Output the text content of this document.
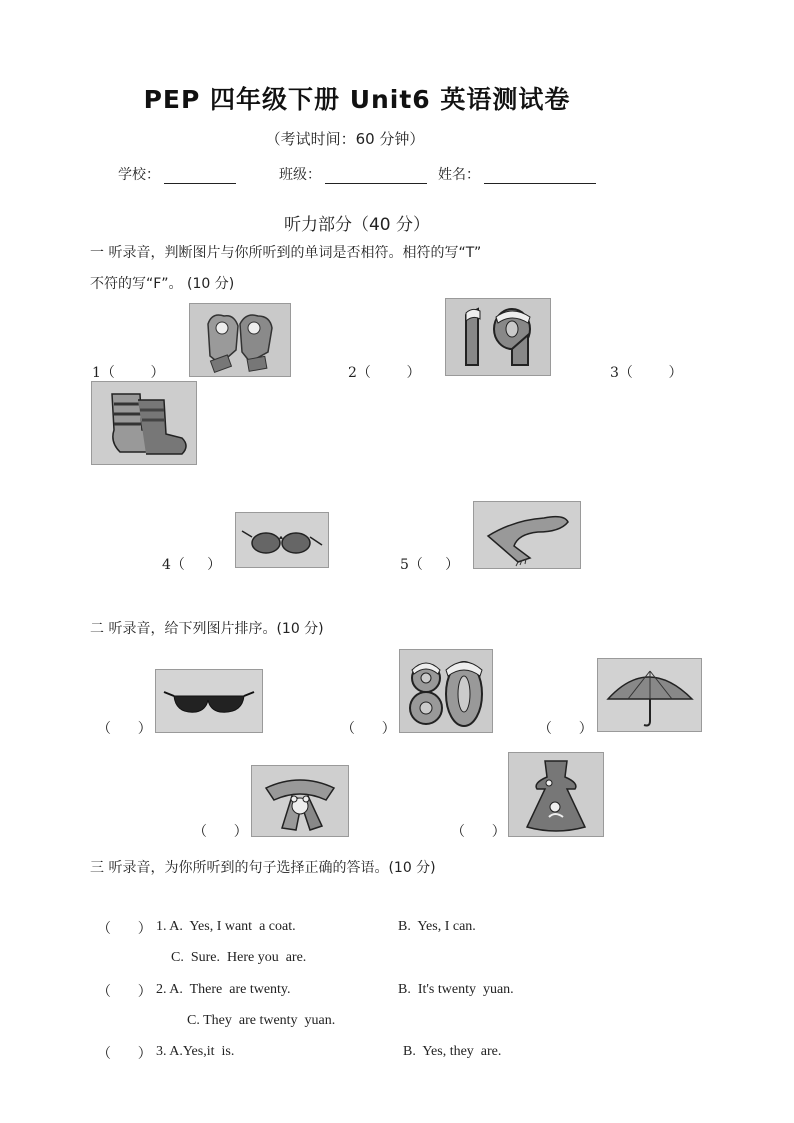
PEP 四年级下册 Unit6 英语测试卷
（考试时间：60 分钟）
学校：	班级：	姓名：
听力部分（40 分）
一 听录音，判断图片与你所听到的单词是否相符。相符的写“T”
不符的写“F”。 (10 分)
1（        ）	2（        ）	3（        ）
4（     ）	5（     ）
二 听录音，给下列图片排序。(10 分)
（      ）	（      ）	（      ）
（      ）	（      ）
三 听录音，为你所听到的句子选择正确的答语。(10 分)
（      ） 1. A.  Yes, I want  a coat.	B.  Yes, I can.
C.  Sure.  Here you  are.
（      ） 2. A.  There  are twenty.	B.  It's twenty  yuan.
C. They  are twenty  yuan.
（      ） 3. A.Yes,it  is.	B.  Yes, they  are.
